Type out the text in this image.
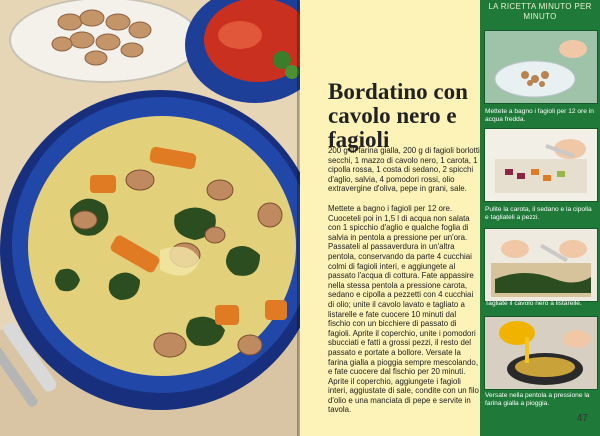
Bordatino con cavolo nero e fagioli

200 g di farina gialla, 200 g di fagioli borlotti secchi, 1 mazzo di cavolo nero, 1 carota, 1 cipolla rossa, 1 costa di sedano, 2 spicchi d'aglio, salvia, 4 pomodori rossi, olio extravergine d'oliva, pepe in grani, sale.

Mettete a bagno i fagioli per 12 ore. Cuoceteli poi in 1,5 l di acqua non salata con 1 spicchio d'aglio e qualche foglia di salvia in pentola a pressione per un'ora. Passateli al passaverdura in un'altra pentola, conservando da parte 4 cucchiai colmi di fagioli interi, e aggiungete al passato l'acqua di cottura. Fate appassire nella stessa pentola a pressione carota, sedano e cipolla a pezzetti con 4 cucchiai di olio; unite il cavolo lavato e tagliato a listarelle e fate cuocere 10 minuti dal fischio con un bicchiere di passato di fagioli. Aprite il coperchio, unite i pomodori sbucciati e fatti a grossi pezzi, il resto del passato e portate a bollore. Versate la farina gialla a pioggia sempre mescolando, e fate cuocere dal fischio per 20 minuti. Aprite il coperchio, aggiungete i fagioli interi, aggiustate di sale, condite con un filo d'olio e una manciata di pepe e servite in tavola.

LA RICETTA MINUTO PER MINUTO
Mettete a bagno i fagioli per 12 ore in acqua fredda.
Pulite la carota, il sedano e la cipolla e tagliateli a pezzi.
Tagliate il cavolo nero a listarelle.
Versate nella pentola a pressione la farina gialla a pioggia.
47
